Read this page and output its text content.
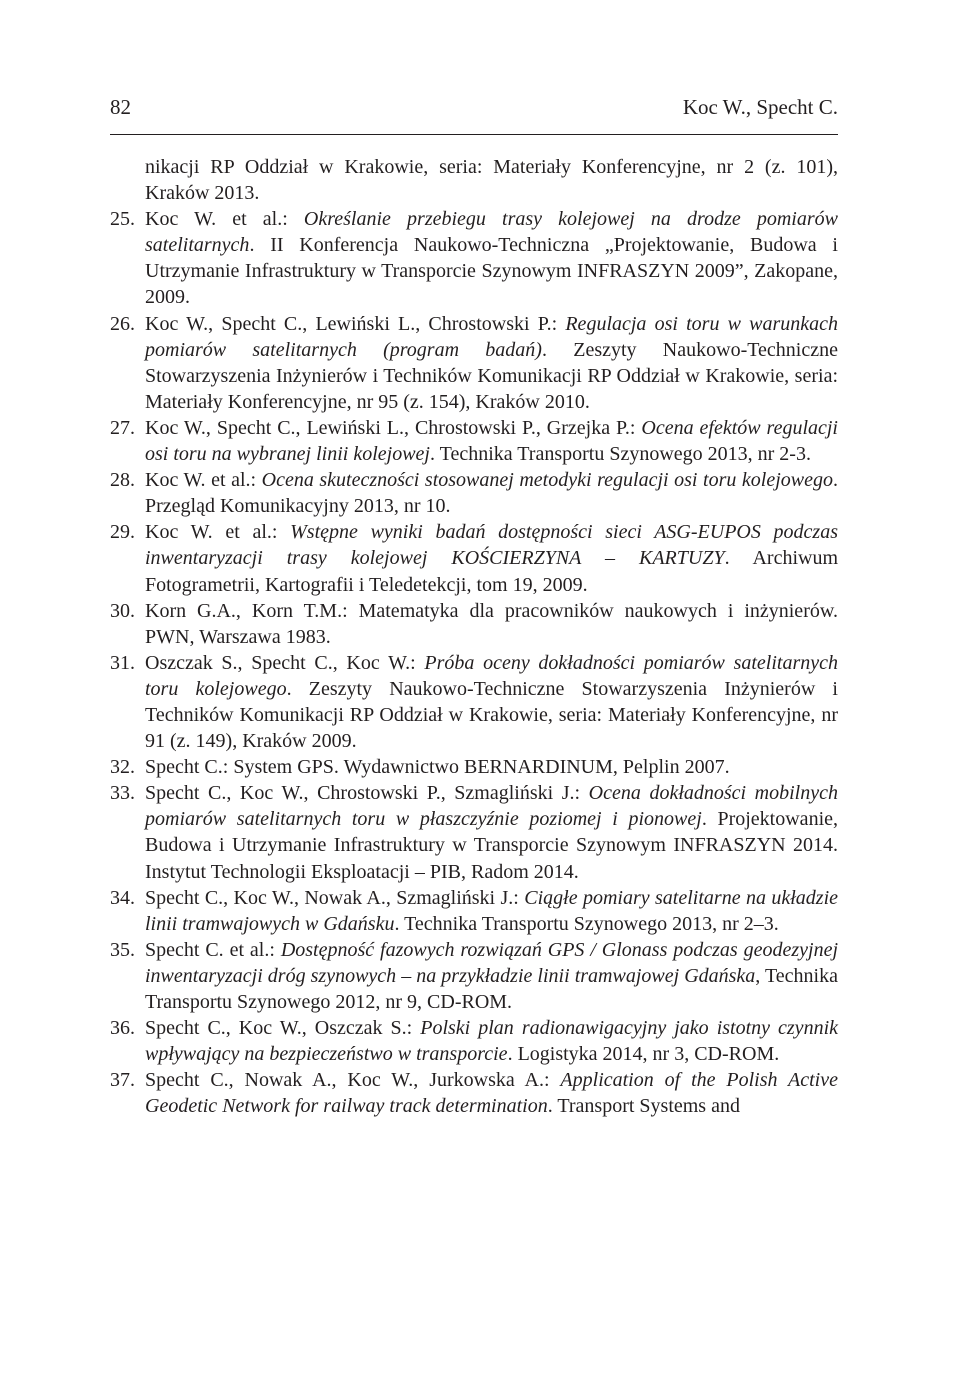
82	Koc W., Specht C.
nikacji RP Oddział w Krakowie, seria: Materiały Konferencyjne, nr 2 (z. 101), Kraków 2013.
25. Koc W. et al.: Określanie przebiegu trasy kolejowej na drodze pomiarów satelitarnych. II Konferencja Naukowo-Techniczna „Projektowanie, Budowa i Utrzymanie Infrastruktury w Transporcie Szynowym INFRASZYN 2009”, Zakopane, 2009.
26. Koc W., Specht C., Lewiński L., Chrostowski P.: Regulacja osi toru w warunkach pomiarów satelitarnych (program badań). Zeszyty Naukowo-Techniczne Stowarzyszenia Inżynierów i Techników Komunikacji RP Oddział w Krakowie, seria: Materiały Konferencyjne, nr 95 (z. 154), Kraków 2010.
27. Koc W., Specht C., Lewiński L., Chrostowski P., Grzejka P.: Ocena efektów regulacji osi toru na wybranej linii kolejowej. Technika Transportu Szynowego 2013, nr 2-3.
28. Koc W. et al.: Ocena skuteczności stosowanej metodyki regulacji osi toru kolejowego. Przegląd Komunikacyjny 2013, nr 10.
29. Koc W. et al.: Wstępne wyniki badań dostępności sieci ASG-EUPOS podczas inwentaryzacji trasy kolejowej KOŚCIERZYNA – KARTUZY. Archiwum Fotogrametrii, Kartografii i Teledetekcji, tom 19, 2009.
30. Korn G.A., Korn T.M.: Matematyka dla pracowników naukowych i inżynierów. PWN, Warszawa 1983.
31. Oszczak S., Specht C., Koc W.: Próba oceny dokładności pomiarów satelitarnych toru kolejowego. Zeszyty Naukowo-Techniczne Stowarzyszenia Inżynierów i Techników Komunikacji RP Oddział w Krakowie, seria: Materiały Konferencyjne, nr 91 (z. 149), Kraków 2009.
32. Specht C.: System GPS. Wydawnictwo BERNARDINUM, Pelplin 2007.
33. Specht C., Koc W., Chrostowski P., Szmagliński J.: Ocena dokładności mobilnych pomiarów satelitarnych toru w płaszczyźnie poziomej i pionowej. Projektowanie, Budowa i Utrzymanie Infrastruktury w Transporcie Szynowym INFRASZYN 2014. Instytut Technologii Eksploatacji – PIB, Radom 2014.
34. Specht C., Koc W., Nowak A., Szmagliński J.: Ciągłe pomiary satelitarne na układzie linii tramwajowych w Gdańsku. Technika Transportu Szynowego 2013, nr 2–3.
35. Specht C. et al.: Dostępność fazowych rozwiązań GPS / Glonass podczas geodezyjnej inwentaryzacji dróg szynowych – na przykładzie linii tramwajowej Gdańska, Technika Transportu Szynowego 2012, nr 9, CD-ROM.
36. Specht C., Koc W., Oszczak S.: Polski plan radionawigacyjny jako istotny czynnik wpływający na bezpieczeństwo w transporcie. Logistyka 2014, nr 3, CD-ROM.
37. Specht C., Nowak A., Koc W., Jurkowska A.: Application of the Polish Active Geodetic Network for railway track determination. Transport Systems and
